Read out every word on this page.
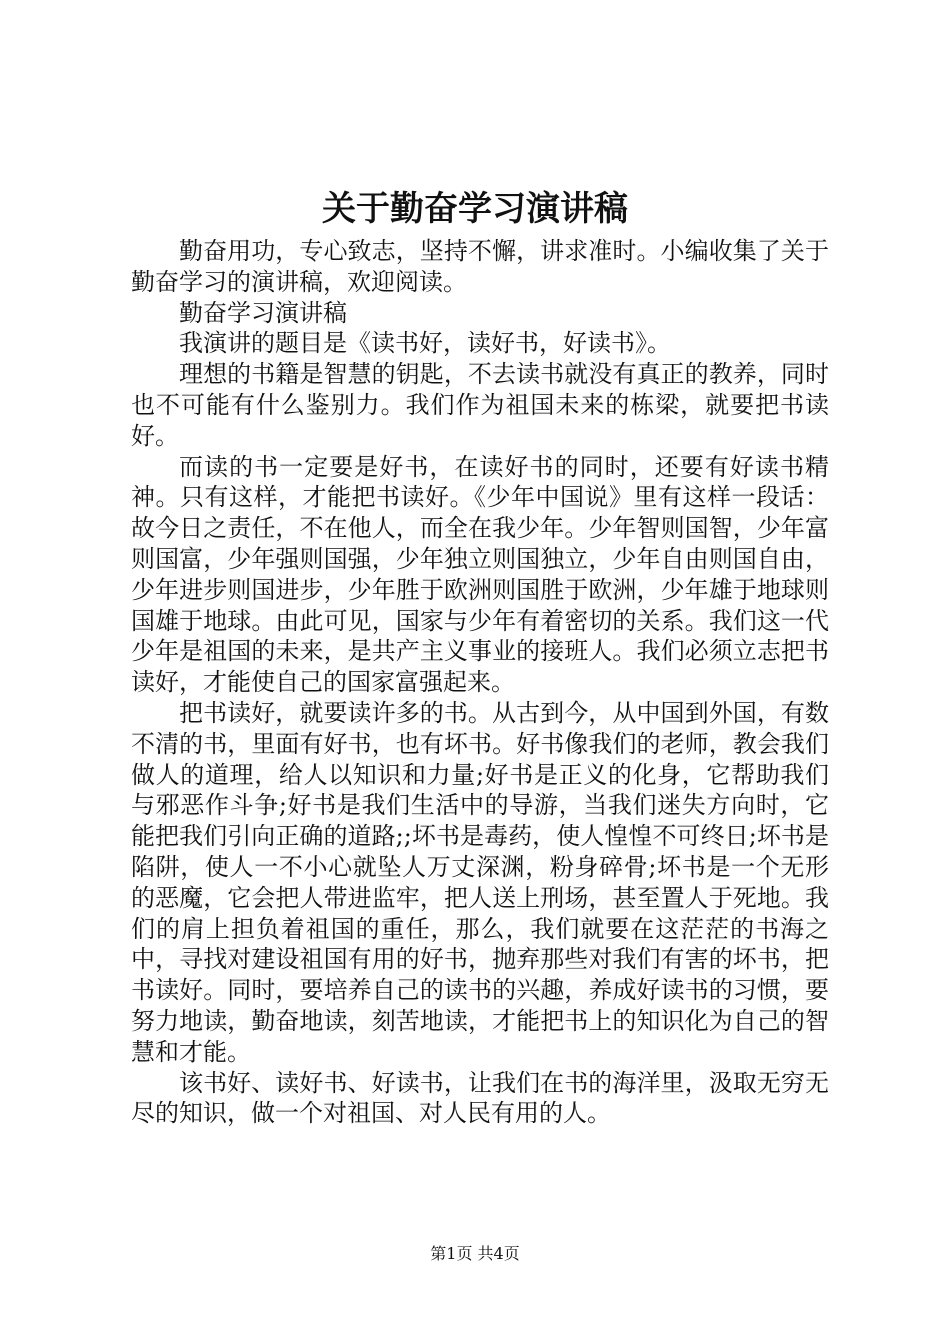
关于勤奋学习演讲稿

勤奋用功，专心致志，坚持不懈，讲求准时。小编收集了关于勤奋学习的演讲稿，欢迎阅读。

勤奋学习演讲稿

我演讲的题目是《读书好，读好书，好读书》。

理想的书籍是智慧的钥匙，不去读书就没有真正的教养，同时也不可能有什么鉴别力。我们作为祖国未来的栋梁，就要把书读好。

而读的书一定要是好书，在读好书的同时，还要有好读书精神。只有这样，才能把书读好。《少年中国说》里有这样一段话：故今日之责任，不在他人，而全在我少年。少年智则国智，少年富则国富，少年强则国强，少年独立则国独立，少年自由则国自由，少年进步则国进步，少年胜于欧洲则国胜于欧洲，少年雄于地球则国雄于地球。由此可见，国家与少年有着密切的关系。我们这一代少年是祖国的未来，是共产主义事业的接班人。我们必须立志把书读好，才能使自己的国家富强起来。

把书读好，就要读许多的书。从古到今，从中国到外国，有数不清的书，里面有好书，也有坏书。好书像我们的老师，教会我们做人的道理，给人以知识和力量;好书是正义的化身，它帮助我们与邪恶作斗争;好书是我们生活中的导游，当我们迷失方向时，它能把我们引向正确的道路;;坏书是毒药，使人惶惶不可终日;坏书是陷阱，使人一不小心就坠人万丈深渊，粉身碎骨;坏书是一个无形的恶魔，它会把人带进监牢，把人送上刑场，甚至置人于死地。我们的肩上担负着祖国的重任，那么，我们就要在这茫茫的书海之中，寻找对建设祖国有用的好书，抛弃那些对我们有害的坏书，把书读好。同时，要培养自己的读书的兴趣，养成好读书的习惯，要努力地读，勤奋地读，刻苦地读，才能把书上的知识化为自己的智慧和才能。

该书好、读好书、好读书，让我们在书的海洋里，汲取无穷无尽的知识，做一个对祖国、对人民有用的人。

第1页 共4页
